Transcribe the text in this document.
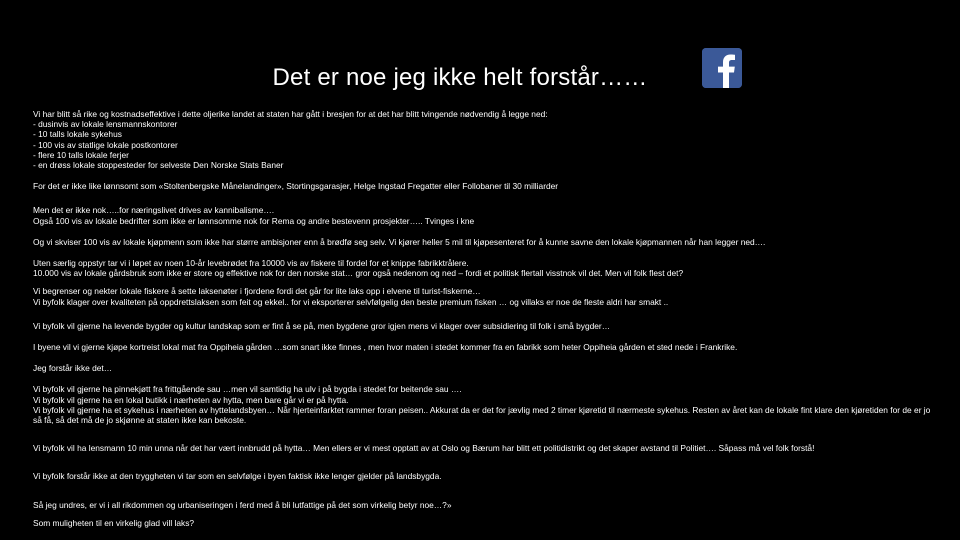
Det er noe jeg ikke helt forstår……
Vi har blitt så rike og kostnadseffektive i dette oljerike landet at staten har gått i bresjen for at det har blitt tvingende nødvendig å legge ned:
- dusinvis av lokale lensmannskontorer
- 10 talls lokale sykehus
- 100 vis av statlige lokale postkontorer
- flere 10 talls lokale ferjer
- en drøss lokale stoppesteder for selveste Den Norske Stats Baner
For det er ikke like lønnsomt som «Stoltenbergske Månelandinger», Stortingsgarasjer, Helge Ingstad Fregatter eller Follobaner til 30 milliarder
Men det er ikke nok…..for næringslivet drives av kannibalisme….
Også 100 vis av lokale bedrifter som ikke er lønnsomme nok for Rema og andre bestevenn prosjekter….. Tvinges i kne
Og vi skviser 100 vis av lokale kjøpmenn som ikke har større ambisjoner enn å brødfø seg selv. Vi kjører heller 5 mil til kjøpesenteret for å kunne savne den lokale kjøpmannen når han legger ned….
Uten særlig oppstyr tar vi i løpet av noen 10-år levebrødet fra 10000 vis av fiskere til fordel for et knippe fabrikktrålere.
10.000 vis av lokale gårdsbruk som ikke er store og effektive nok for den norske stat… gror også nedenom og ned – fordi et politisk flertall visstnok vil det. Men vil folk flest det?
Vi begrenser og nekter lokale fiskere å sette laksenøter i fjordene fordi det går for lite laks opp i elvene til turist-fiskerne…
Vi byfolk klager over kvaliteten på oppdrettslaksen som feit og ekkel.. for vi eksporterer selvfølgelig den beste premium fisken … og villaks er noe de fleste aldri har smakt ..
Vi byfolk vil gjerne ha levende bygder og kultur landskap som er fint å se på, men bygdene gror igjen mens vi klager over subsidiering til folk i små bygder…
I byene vil vi gjerne kjøpe kortreist lokal mat fra Oppiheia gården …som snart ikke finnes , men hvor maten i stedet kommer fra en fabrikk som heter Oppiheia gården et sted nede i Frankrike.
Jeg forstår ikke det…
Vi byfolk vil gjerne ha pinnekjøtt fra frittgående sau …men vil samtidig ha ulv i på bygda i stedet for beitende sau ….
Vi byfolk vil gjerne ha en lokal butikk i nærheten av hytta, men bare går vi er på hytta.
Vi byfolk vil gjerne ha et sykehus i nærheten av hyttelandsbyen… Når hjerteinfarktet rammer foran peisen.. Akkurat da er det for jævlig med 2 timer kjøretid til nærmeste sykehus. Resten av året kan de lokale fint klare den kjøretiden for de er jo så få, så det må de jo skjønne at staten ikke kan bekoste.
Vi byfolk vil ha lensmann 10 min unna når det har vært innbrudd på hytta… Men ellers er vi mest opptatt av at Oslo og Bærum har blitt ett politidistrikt og det skaper avstand til Politiet…. Såpass må vel folk forstå!
Vi byfolk forstår ikke at den tryggheten vi tar som en selvfølge i byen faktisk ikke lenger gjelder på landsbygda.
Så jeg undres, er vi i all rikdommen og urbaniseringen i ferd med å bli lutfattige på det som virkelig betyr noe…?»
Som muligheten til en virkelig glad vill laks?
